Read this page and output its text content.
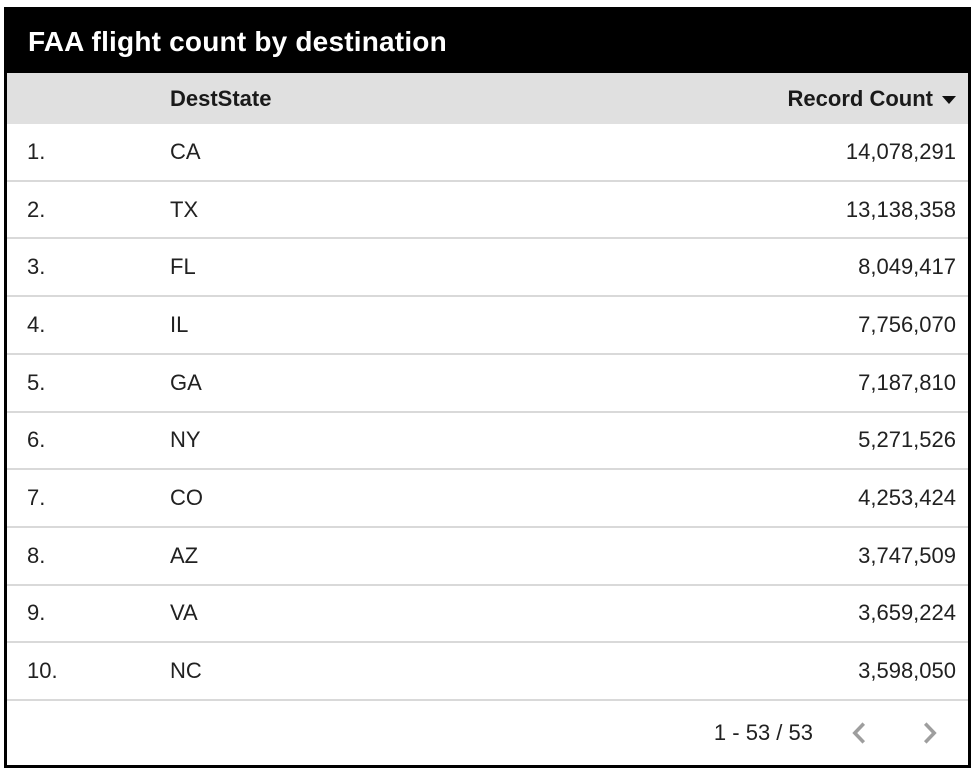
FAA flight count by destination
DestState	Record Count
1.	CA	14,078,291
2.	TX	13,138,358
3.	FL	8,049,417
4.	IL	7,756,070
5.	GA	7,187,810
6.	NY	5,271,526
7.	CO	4,253,424
8.	AZ	3,747,509
9.	VA	3,659,224
10.	NC	3,598,050
1 - 53 / 53
